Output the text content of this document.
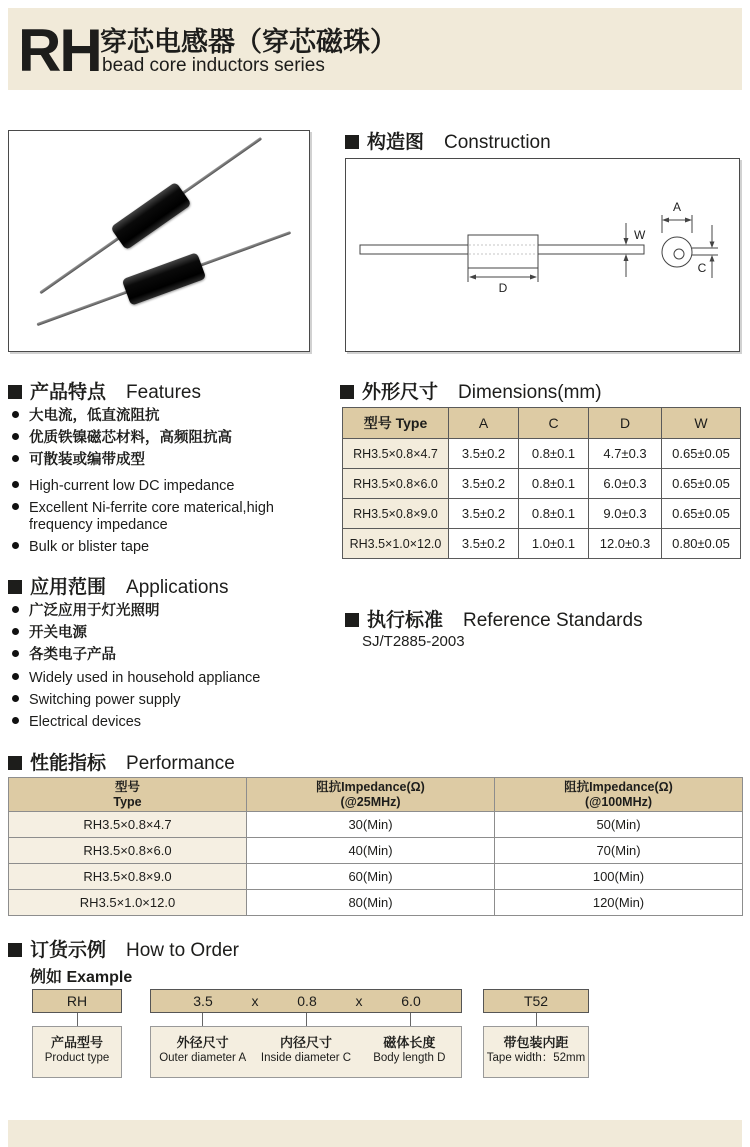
RH 穿芯电感器（穿芯磁珠）
bead core inductors series
构造图 Construction
D
W
A
C
产品特点 Features
大电流，低直流阻抗
优质铁镍磁芯材料，高频阻抗高
可散装或编带成型
High-current low DC impedance
Excellent Ni-ferrite core materical,high frequency impedance
Bulk or blister tape
外形尺寸 Dimensions(mm)
型号 Type	A	C	D	W
RH3.5×0.8×4.7	3.5±0.2	0.8±0.1	4.7±0.3	0.65±0.05
RH3.5×0.8×6.0	3.5±0.2	0.8±0.1	6.0±0.3	0.65±0.05
RH3.5×0.8×9.0	3.5±0.2	0.8±0.1	9.0±0.3	0.65±0.05
RH3.5×1.0×12.0	3.5±0.2	1.0±0.1	12.0±0.3	0.80±0.05
应用范围 Applications
广泛应用于灯光照明
开关电源
各类电子产品
Widely used in household appliance
Switching power supply
Electrical devices
执行标准 Reference Standards
SJ/T2885-2003
性能指标 Performance
型号
Type

阻抗Impedance(Ω)
(@25MHz)

阻抗Impedance(Ω)
(@100MHz)

RH3.5×0.8×4.7	30(Min)	50(Min)
RH3.5×0.8×6.0	40(Min)	70(Min)
RH3.5×0.8×9.0	60(Min)	100(Min)
RH3.5×1.0×12.0	80(Min)	120(Min)
订货示例 How to Order
例如 Example
RH	3.5	x	0.8	x	6.0	T52
产品型号
Product type
外径尺寸
Outer diameter A
内径尺寸
Inside diameter C
磁体长度
Body length D
带包装内距
Tape width：52mm
